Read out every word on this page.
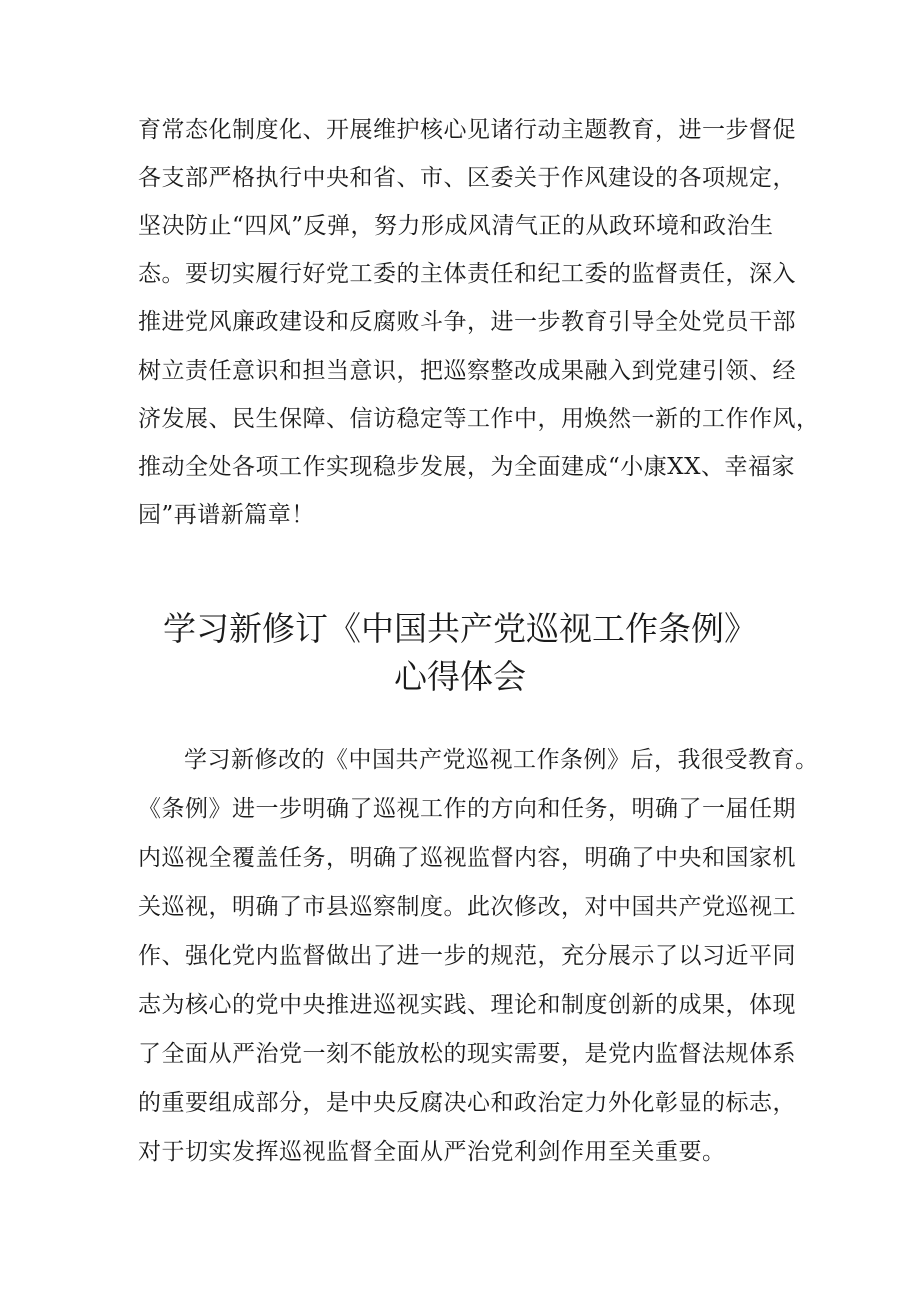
育常态化制度化、开展维护核心见诸行动主题教育，进一步督促
各支部严格执行中央和省、市、区委关于作风建设的各项规定，
坚决防止“四风”反弹，努力形成风清气正的从政环境和政治生
态。要切实履行好党工委的主体责任和纪工委的监督责任，深入
推进党风廉政建设和反腐败斗争，进一步教育引导全处党员干部
树立责任意识和担当意识，把巡察整改成果融入到党建引领、经
济发展、民生保障、信访稳定等工作中，用焕然一新的工作作风，
推动全处各项工作实现稳步发展，为全面建成“小康XX、幸福家
园”再谱新篇章！
学习新修订《中国共产党巡视工作条例》
心得体会
学习新修改的《中国共产党巡视工作条例》后，我很受教育。
《条例》进一步明确了巡视工作的方向和任务，明确了一届任期
内巡视全覆盖任务，明确了巡视监督内容，明确了中央和国家机
关巡视，明确了市县巡察制度。此次修改，对中国共产党巡视工
作、强化党内监督做出了进一步的规范，充分展示了以习近平同
志为核心的党中央推进巡视实践、理论和制度创新的成果，体现
了全面从严治党一刻不能放松的现实需要，是党内监督法规体系
的重要组成部分，是中央反腐决心和政治定力外化彰显的标志，
对于切实发挥巡视监督全面从严治党利剑作用至关重要。
